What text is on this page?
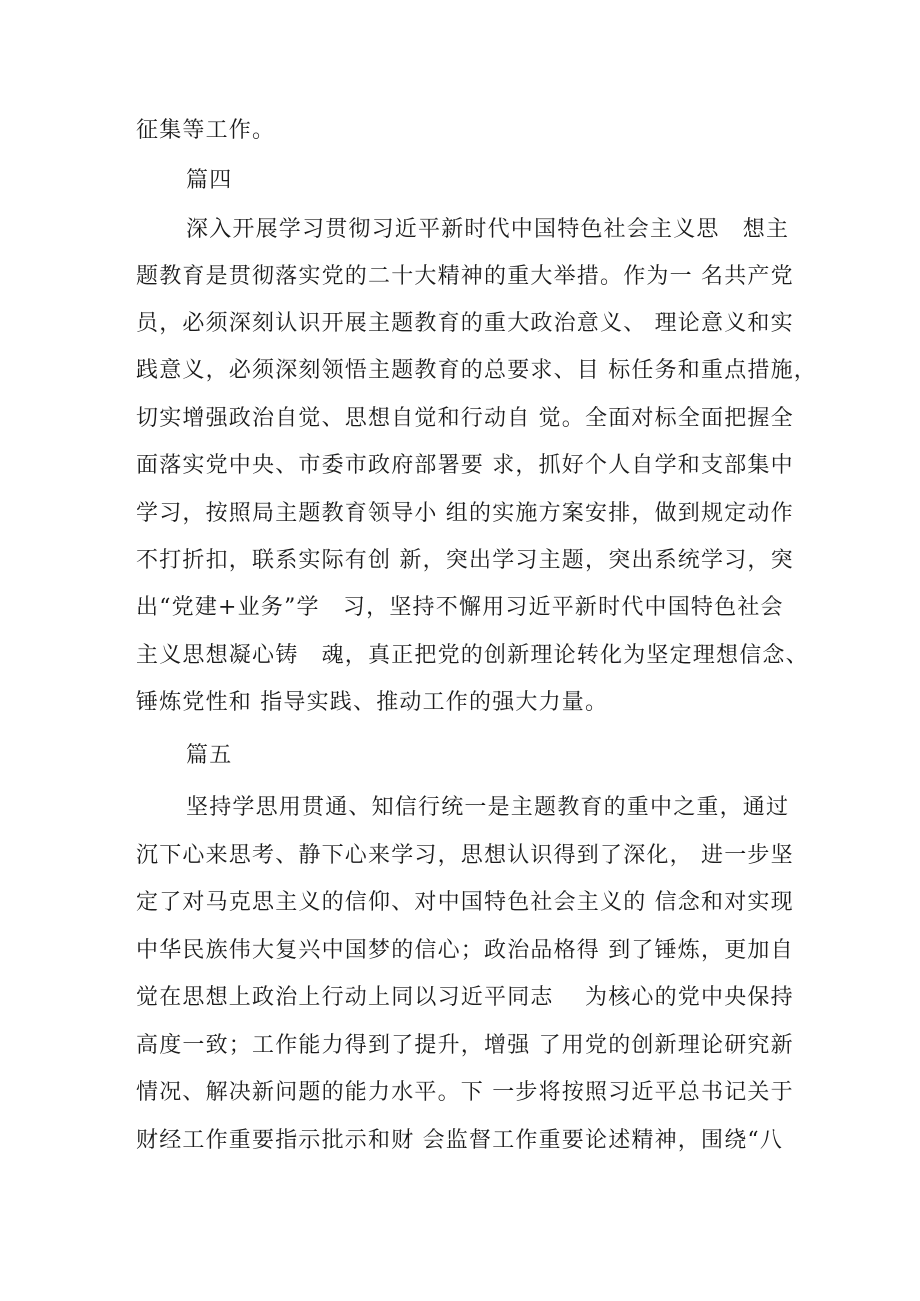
征集等工作。
篇四
深入开展学习贯彻习近平新时代中国特色社会主义思　想主
题教育是贯彻落实党的二十大精神的重大举措。作为一 名共产党
员，必须深刻认识开展主题教育的重大政治意义、 理论意义和实
践意义，必须深刻领悟主题教育的总要求、目 标任务和重点措施，
切实增强政治自觉、思想自觉和行动自 觉。全面对标全面把握全
面落实党中央、市委市政府部署要 求，抓好个人自学和支部集中
学习，按照局主题教育领导小 组的实施方案安排，做到规定动作
不打折扣，联系实际有创 新，突出学习主题，突出系统学习，突
出“党建+业务”学　习，坚持不懈用习近平新时代中国特色社会
主义思想凝心铸　魂，真正把党的创新理论转化为坚定理想信念、
锤炼党性和 指导实践、推动工作的强大力量。
篇五
坚持学思用贯通、知信行统一是主题教育的重中之重，通过
沉下心来思考、静下心来学习，思想认识得到了深化， 进一步坚
定了对马克思主义的信仰、对中国特色社会主义的 信念和对实现
中华民族伟大复兴中国梦的信心；政治品格得 到了锤炼，更加自
觉在思想上政治上行动上同以习近平同志　 为核心的党中央保持
高度一致；工作能力得到了提升，增强 了用党的创新理论研究新
情况、解决新问题的能力水平。下 一步将按照习近平总书记关于
财经工作重要指示批示和财 会监督工作重要论述精神，围绕“八
